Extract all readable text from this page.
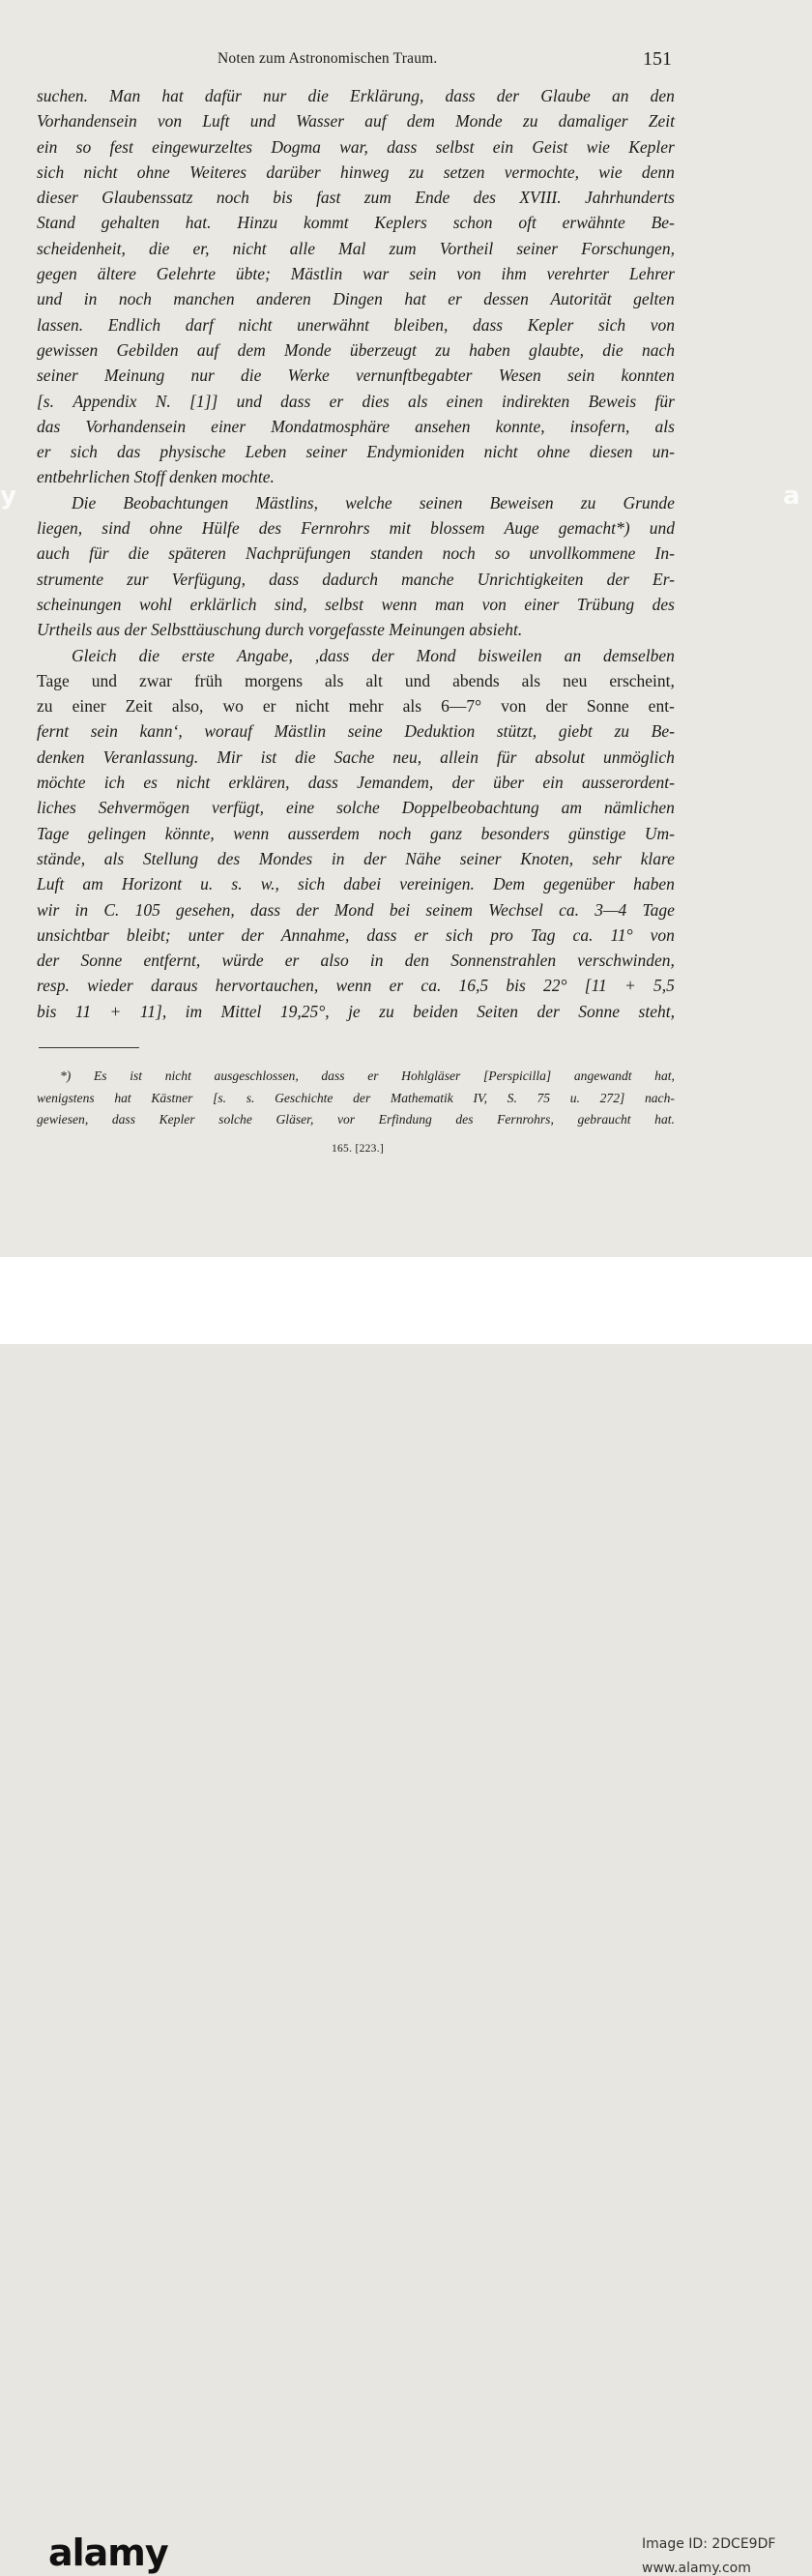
Noten zum Astronomischen Traum.	151
suchen. Man hat dafür nur die Erklärung, dass der Glaube an den
Vorhandensein von Luft und Wasser auf dem Monde zu damaliger Zeit
ein so fest eingewurzeltes Dogma war, dass selbst ein Geist wie Kepler
sich nicht ohne Weiteres darüber hinweg zu setzen vermochte, wie denn
dieser Glaubenssatz noch bis fast zum Ende des XVIII. Jahrhunderts
Stand gehalten hat. Hinzu kommt Keplers schon oft erwähnte Be-
scheidenheit, die er, nicht alle Mal zum Vortheil seiner Forschungen,
gegen ältere Gelehrte übte; Mästlin war sein von ihm verehrter Lehrer
und in noch manchen anderen Dingen hat er dessen Autorität gelten
lassen. Endlich darf nicht unerwähnt bleiben, dass Kepler sich von
gewissen Gebilden auf dem Monde überzeugt zu haben glaubte, die nach
seiner Meinung nur die Werke vernunftbegabter Wesen sein konnten
[s. Appendix N. [1]] und dass er dies als einen indirekten Beweis für
das Vorhandensein einer Mondatmosphäre ansehen konnte, insofern, als
er sich das physische Leben seiner Endymioniden nicht ohne diesen un-
entbehrlichen Stoff denken mochte.
Die Beobachtungen Mästlins, welche seinen Beweisen zu Grunde
liegen, sind ohne Hülfe des Fernrohrs mit blossem Auge gemacht*) und
auch für die späteren Nachprüfungen standen noch so unvollkommene In-
strumente zur Verfügung, dass dadurch manche Unrichtigkeiten der Er-
scheinungen wohl erklärlich sind, selbst wenn man von einer Trübung des
Urtheils aus der Selbsttäuschung durch vorgefasste Meinungen absieht.
Gleich die erste Angabe, ,dass der Mond bisweilen an demselben
Tage und zwar früh morgens als alt und abends als neu erscheint,
zu einer Zeit also, wo er nicht mehr als 6—7° von der Sonne ent-
fernt sein kann‘, worauf Mästlin seine Deduktion stützt, giebt zu Be-
denken Veranlassung. Mir ist die Sache neu, allein für absolut unmöglich
möchte ich es nicht erklären, dass Jemandem, der über ein ausserordent-
liches Sehvermögen verfügt, eine solche Doppelbeobachtung am nämlichen
Tage gelingen könnte, wenn ausserdem noch ganz besonders günstige Um-
stände, als Stellung des Mondes in der Nähe seiner Knoten, sehr klare
Luft am Horizont u. s. w., sich dabei vereinigen. Dem gegenüber haben
wir in C. 105 gesehen, dass der Mond bei seinem Wechsel ca. 3—4 Tage
unsichtbar bleibt; unter der Annahme, dass er sich pro Tag ca. 11° von
der Sonne entfernt, würde er also in den Sonnenstrahlen verschwinden,
resp. wieder daraus hervortauchen, wenn er ca. 16,5 bis 22° [11 + 5,5
bis 11 + 11], im Mittel 19,25°, je zu beiden Seiten der Sonne steht,
*) Es ist nicht ausgeschlossen, dass er Hohlgläser [Perspicilla] angewandt hat,
wenigstens hat Kästner [s. s. Geschichte der Mathematik IV, S. 75 u. 272] nach-
gewiesen, dass Kepler solche Gläser, vor Erfindung des Fernrohrs, gebraucht hat.
165. [223.]
y	a
alamy	Image ID: 2DCE9DF
www.alamy.com
